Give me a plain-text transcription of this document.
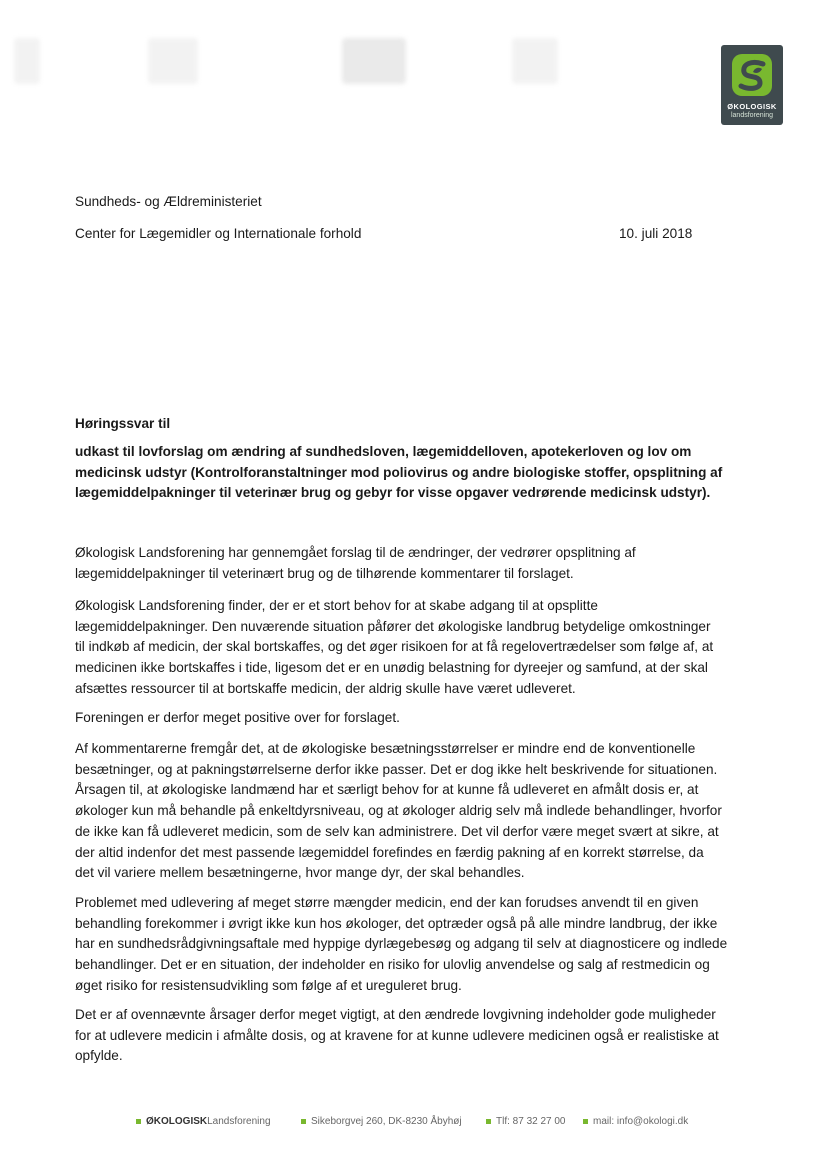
ØKOLOGISK
landsforening
Sundheds- og Ældreministeriet
Center for Lægemidler og Internationale forhold	10. juli 2018
Høringssvar til
udkast til lovforslag om ændring af sundhedsloven, lægemiddelloven, apotekerloven og lov om
medicinsk udstyr (Kontrolforanstaltninger mod poliovirus og andre biologiske stoffer, opsplitning af
lægemiddelpakninger til veterinær brug og gebyr for visse opgaver vedrørende medicinsk udstyr).
Økologisk Landsforening har gennemgået forslag til de ændringer, der vedrører opsplitning af
lægemiddelpakninger til veterinært brug og de tilhørende kommentarer til forslaget.
Økologisk Landsforening finder, der er et stort behov for at skabe adgang til at opsplitte
lægemiddelpakninger. Den nuværende situation påfører det økologiske landbrug betydelige omkostninger
til indkøb af medicin, der skal bortskaffes, og det øger risikoen for at få regelovertrædelser som følge af, at
medicinen ikke bortskaffes i tide, ligesom det er en unødig belastning for dyreejer og samfund, at der skal
afsættes ressourcer til at bortskaffe medicin, der aldrig skulle have været udleveret.
Foreningen er derfor meget positive over for forslaget.
Af kommentarerne fremgår det, at de økologiske besætningsstørrelser er mindre end de konventionelle
besætninger, og at pakningstørrelserne derfor ikke passer. Det er dog ikke helt beskrivende for situationen.
Årsagen til, at økologiske landmænd har et særligt behov for at kunne få udleveret en afmålt dosis er, at
økologer kun må behandle på enkeltdyrsniveau, og at økologer aldrig selv må indlede behandlinger, hvorfor
de ikke kan få udleveret medicin, som de selv kan administrere. Det vil derfor være meget svært at sikre, at
der altid indenfor det mest passende lægemiddel forefindes en færdig pakning af en korrekt størrelse, da
det vil variere mellem besætningerne, hvor mange dyr, der skal behandles.
Problemet med udlevering af meget større mængder medicin, end der kan forudses anvendt til en given
behandling forekommer i øvrigt ikke kun hos økologer, det optræder også på alle mindre landbrug, der ikke
har en sundhedsrådgivningsaftale med hyppige dyrlægebesøg og adgang til selv at diagnosticere og indlede
behandlinger. Det er en situation, der indeholder en risiko for ulovlig anvendelse og salg af restmedicin og
øget risiko for resistensudvikling som følge af et ureguleret brug.
Det er af ovennævnte årsager derfor meget vigtigt, at den ændrede lovgivning indeholder gode muligheder
for at udlevere medicin i afmålte dosis, og at kravene for at kunne udlevere medicinen også er realistiske at
opfylde.
ØKOLOGISKLandsforening	Sikeborgvej 260, DK-8230 Åbyhøj	Tlf: 87 32 27 00	mail: info@okologi.dk
